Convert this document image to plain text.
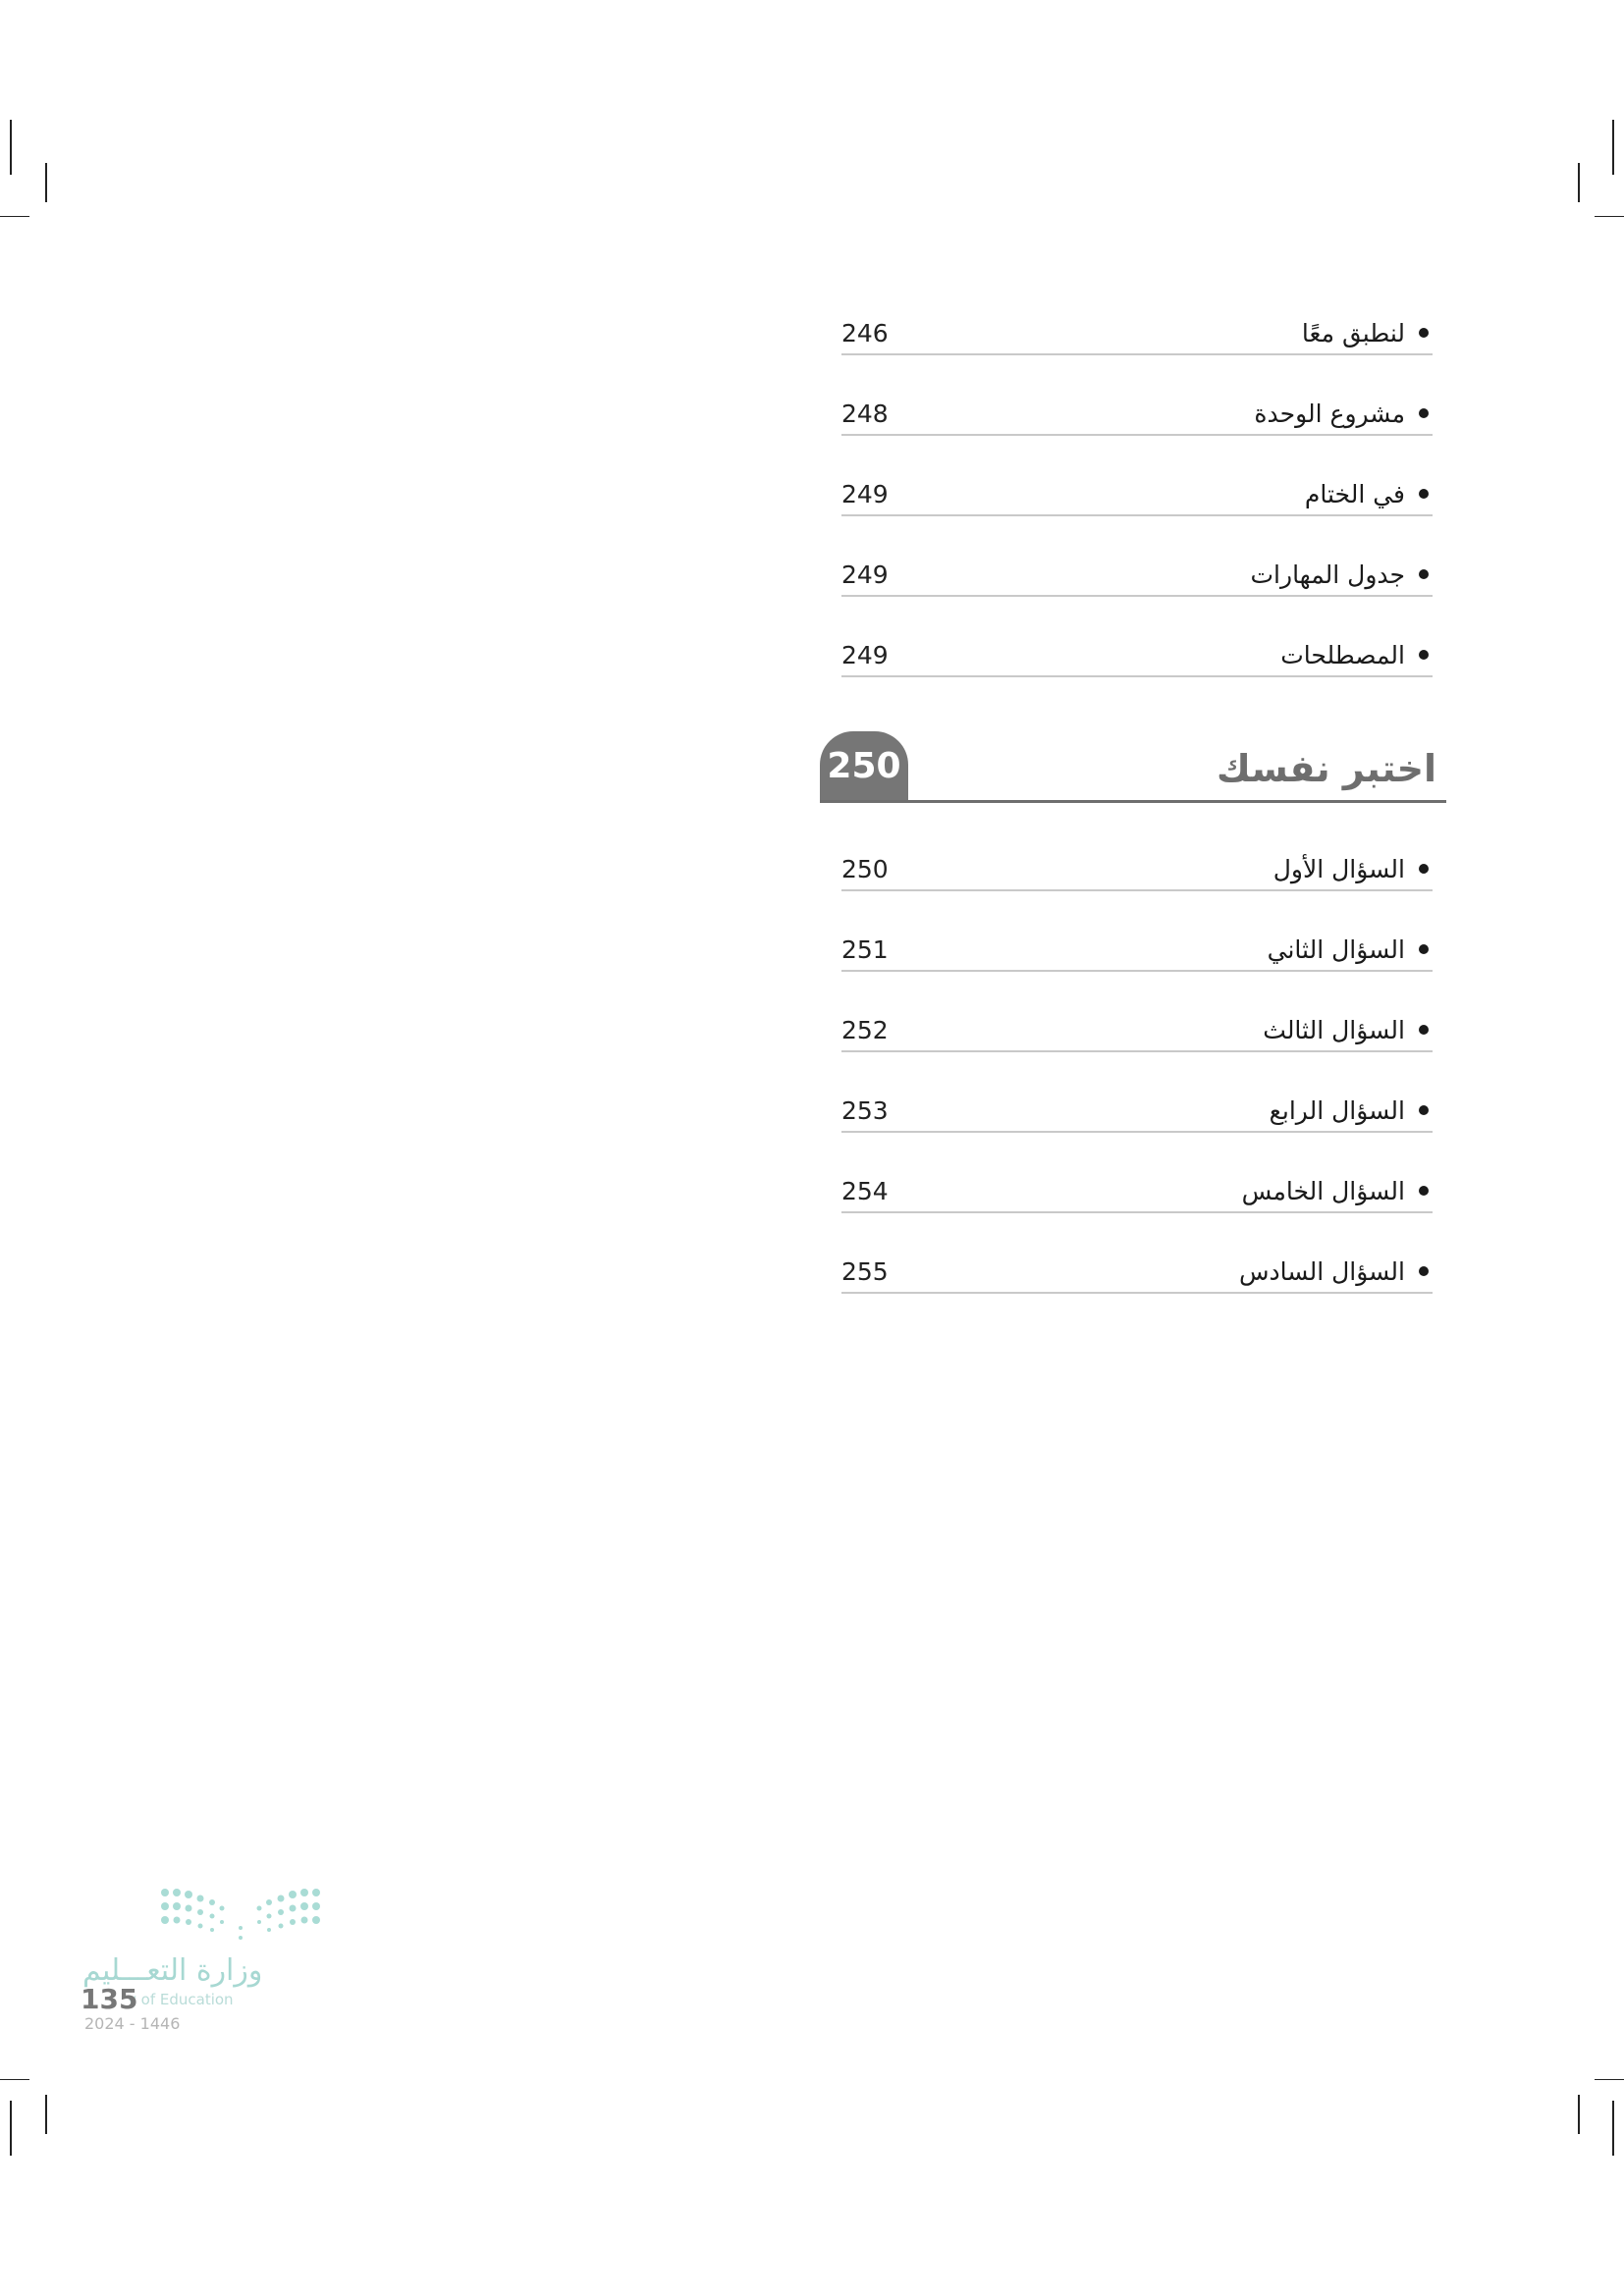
246	لنطبق معًا
248	مشروع الوحدة
249	في الختام
249	جدول المهارات
249	المصطلحات
250	اختبر نفسك
250	السؤال الأول
251	السؤال الثاني
252	السؤال الثالث
253	السؤال الرابع
254	السؤال الخامس
255	السؤال السادس
وزارة التعـــليم
y of Education
135
2024 - 1446
